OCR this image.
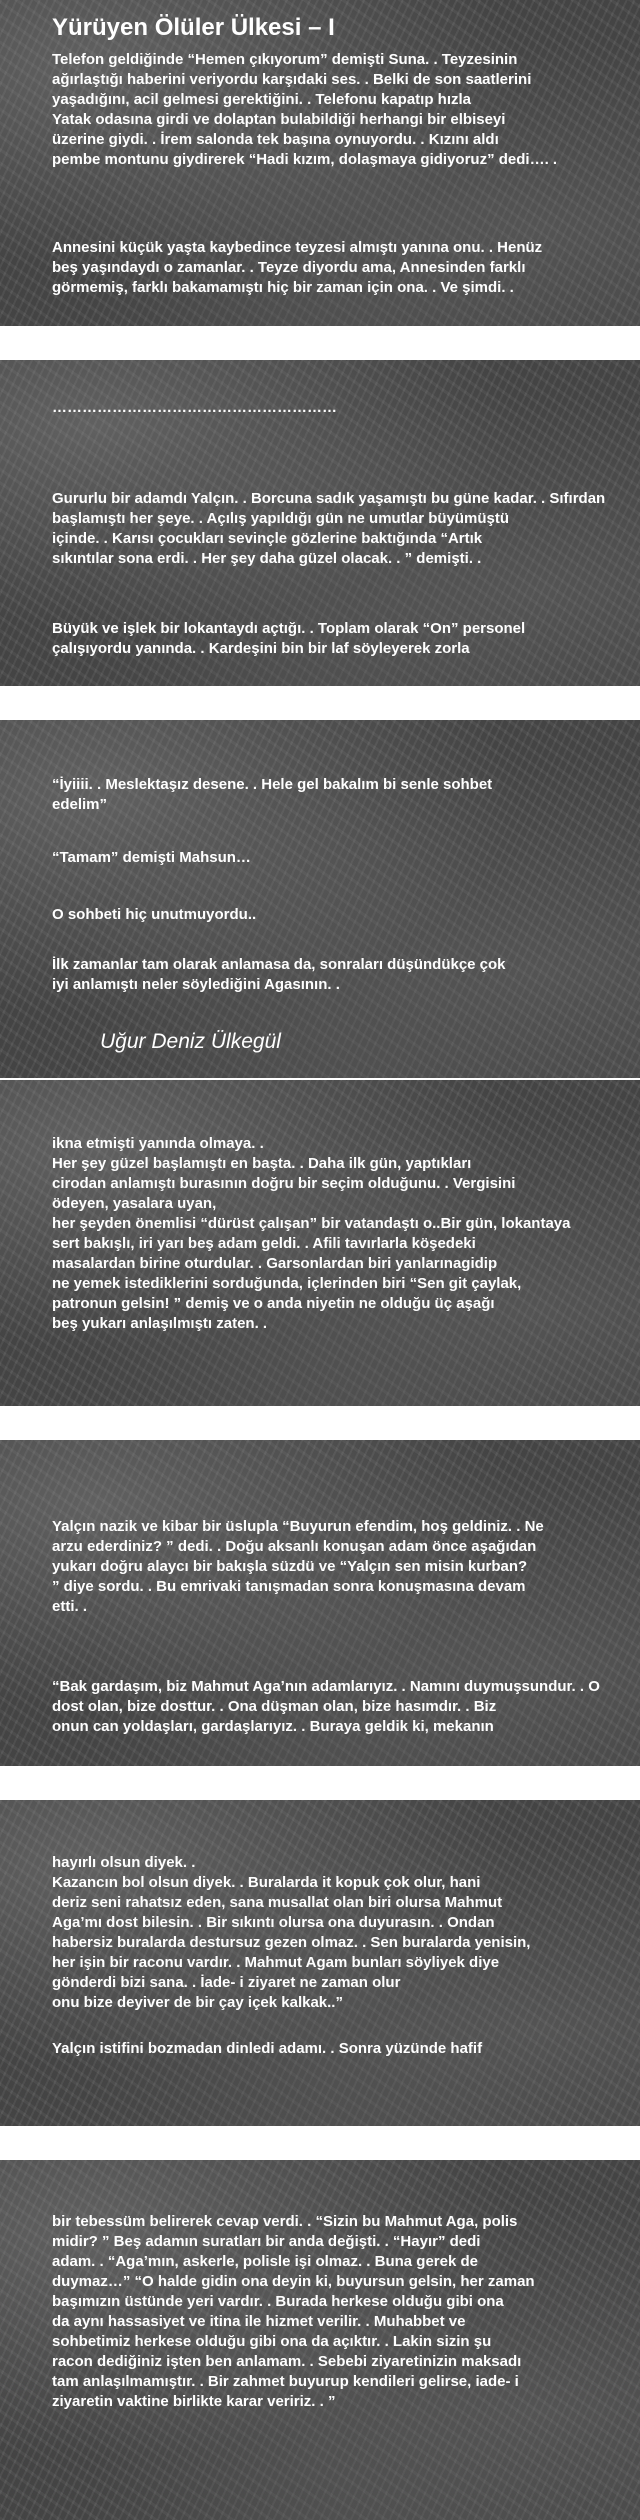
Yürüyen Ölüler Ülkesi – I

Telefon geldiğinde “Hemen çıkıyorum” demişti Suna. . Teyzesinin
ağırlaştığı haberini veriyordu karşıdaki ses. . Belki de son saatlerini
yaşadığını, acil gelmesi gerektiğini. . Telefonu kapatıp hızla
Yatak odasına girdi ve dolaptan bulabildiği herhangi bir elbiseyi
üzerine giydi. . İrem salonda tek başına oynuyordu. . Kızını aldı
pembe montunu giydirerek “Hadi kızım, dolaşmaya gidiyoruz” dedi…. .

Annesini küçük yaşta kaybedince teyzesi almıştı yanına onu. . Henüz
beş yaşındaydı o zamanlar. . Teyze diyordu ama, Annesinden farklı
görmemiş, farklı bakamamıştı hiç bir zaman için ona. . Ve şimdi. .

…………………………………………………

Gururlu bir adamdı Yalçın. . Borcuna sadık yaşamıştı bu güne kadar. . Sıfırdan
başlamıştı her şeye. . Açılış yapıldığı gün ne umutlar büyümüştü
içinde. . Karısı çocukları sevinçle gözlerine baktığında “Artık
sıkıntılar sona erdi. . Her şey daha güzel olacak. . ” demişti. .

Büyük ve işlek bir lokantaydı açtığı. . Toplam olarak “On” personel
çalışıyordu yanında. . Kardeşini bin bir laf söyleyerek zorla

“İyiiii. . Meslektaşız desene. . Hele gel bakalım bi senle sohbet
edelim”

“Tamam” demişti Mahsun…

O sohbeti hiç unutmuyordu..

İlk zamanlar tam olarak anlamasa da, sonraları düşündükçe çok
iyi anlamıştı neler söylediğini Agasının. .

Uğur Deniz Ülkegül

ikna etmişti yanında olmaya. .
Her şey güzel başlamıştı en başta. . Daha ilk gün, yaptıkları
cirodan anlamıştı burasının doğru bir seçim olduğunu. . Vergisini
ödeyen, yasalara uyan,
her şeyden önemlisi “dürüst çalışan” bir vatandaştı o..Bir gün, lokantaya
sert bakışlı, iri yarı beş adam geldi. . Afili tavırlarla köşedeki
masalardan birine oturdular. . Garsonlardan biri yanlarınagidip
ne yemek istediklerini sorduğunda, içlerinden biri “Sen git çaylak,
patronun gelsin! ” demiş ve o anda niyetin ne olduğu üç aşağı
beş yukarı anlaşılmıştı zaten. .

Yalçın nazik ve kibar bir üslupla “Buyurun efendim, hoş geldiniz. . Ne
arzu ederdiniz? ” dedi. . Doğu aksanlı konuşan adam önce aşağıdan
yukarı doğru alaycı bir bakışla süzdü ve “Yalçın sen misin kurban?
” diye sordu. . Bu emrivaki tanışmadan sonra konuşmasına devam
etti. .

“Bak gardaşım, biz Mahmut Aga’nın adamlarıyız. . Namını duymuşsundur. . O
dost olan, bize dosttur. . Ona düşman olan, bize hasımdır. . Biz
onun can yoldaşları, gardaşlarıyız. . Buraya geldik ki, mekanın

hayırlı olsun diyek. .
Kazancın bol olsun diyek. . Buralarda it kopuk çok olur, hani
deriz seni rahatsız eden, sana musallat olan biri olursa Mahmut
Aga’mı dost bilesin. . Bir sıkıntı olursa ona duyurasın. . Ondan
habersiz buralarda destursuz gezen olmaz. . Sen buralarda yenisin,
her işin bir raconu vardır. . Mahmut Agam bunları söyliyek diye
gönderdi bizi sana. . İade- i ziyaret ne zaman olur
onu bize deyiver de bir çay içek kalkak..”

Yalçın istifini bozmadan dinledi adamı. . Sonra yüzünde hafif

bir tebessüm belirerek cevap verdi. . “Sizin bu Mahmut Aga, polis
midir? ” Beş adamın suratları bir anda değişti. . “Hayır” dedi
adam. . “Aga’mın, askerle, polisle işi olmaz. . Buna gerek de
duymaz…” “O halde gidin ona deyin ki, buyursun gelsin, her zaman
başımızın üstünde yeri vardır. . Burada herkese olduğu gibi ona
da aynı hassasiyet ve itina ile hizmet verilir. . Muhabbet ve
sohbetimiz herkese olduğu gibi ona da açıktır. . Lakin sizin şu
racon dediğiniz işten ben anlamam. . Sebebi ziyaretinizin maksadı
tam anlaşılmamıştır. . Bir zahmet buyurup kendileri gelirse, iade- i
ziyaretin vaktine birlikte karar veririz. . ”
